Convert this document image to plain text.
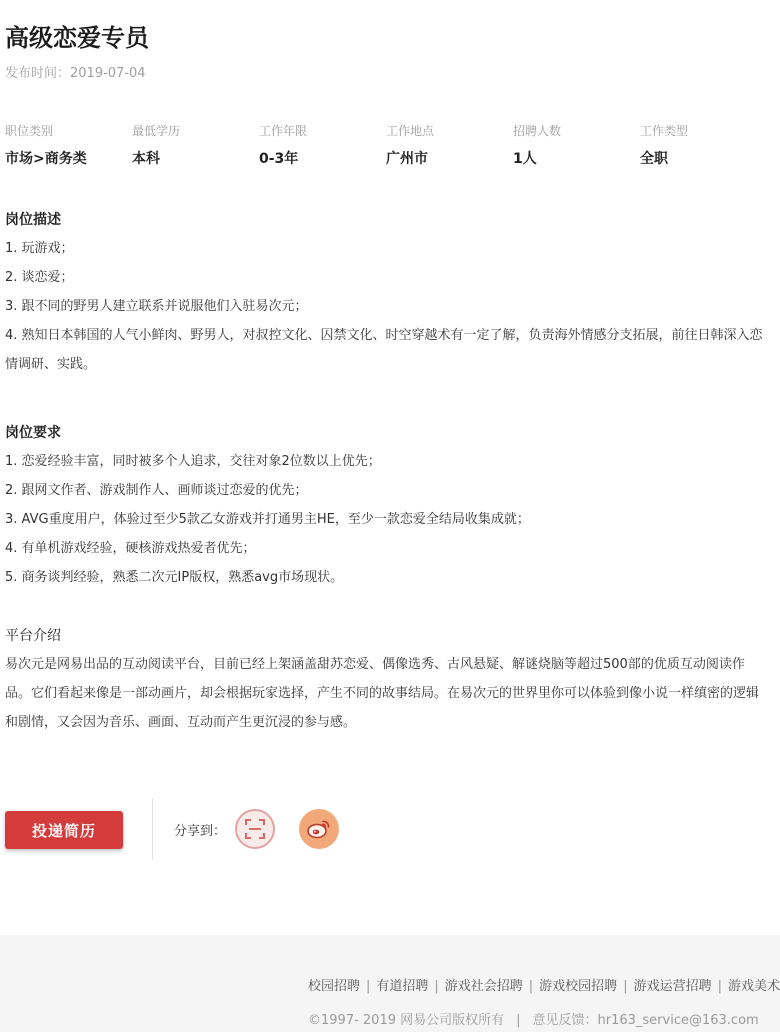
高级恋爱专员
发布时间：2019-07-04
职位类别
市场>商务类
最低学历
本科
工作年限
0-3年
工作地点
广州市
招聘人数
1人
工作类型
全职
岗位描述

1. 玩游戏；

2. 谈恋爱；

3. 跟不同的野男人建立联系并说服他们入驻易次元；

4. 熟知日本韩国的人气小鲜肉、野男人，对叔控文化、囚禁文化、时空穿越术有一定了解，负责海外情感分支拓展，前往日韩深入恋情调研、实践。

岗位要求

1. 恋爱经验丰富，同时被多个人追求，交往对象2位数以上优先；

2. 跟网文作者、游戏制作人、画师谈过恋爱的优先；

3. AVG重度用户，体验过至少5款乙女游戏并打通男主HE，至少一款恋爱全结局收集成就；

4. 有单机游戏经验，硬核游戏热爱者优先；

5. 商务谈判经验，熟悉二次元IP版权，熟悉avg市场现状。

平台介绍

易次元是网易出品的互动阅读平台，目前已经上架涵盖甜苏恋爱、偶像选秀、古风悬疑、解谜烧脑等超过500部的优质互动阅读作品。它们看起来像是一部动画片，却会根据玩家选择，产生不同的故事结局。在易次元的世界里你可以体验到像小说一样缜密的逻辑和剧情，又会因为音乐、画面、互动而产生更沉浸的参与感。

投递简历	分享到：
校园招聘 | 有道招聘 | 游戏社会招聘 | 游戏校园招聘 | 游戏运营招聘 | 游戏美术
©1997- 2019 网易公司版权所有 | 意见反馈：hr163_service@163.com
